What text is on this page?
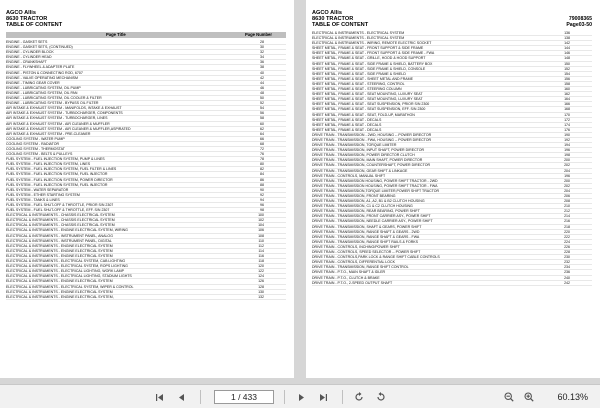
AGCO Allis
8630 TRACTOR
TABLE OF CONTENT
Page Title	Page Number
ENGINE - GASKET SETS	28
ENGINE - GASKET SETS, (CONTINUED)	30
ENGINE - CYLINDER BLOCK	32
ENGINE - CYLINDER HEAD	34
ENGINE - CRANKSHAFT	36
ENGINE - FLYWHEEL & ADAPTER PLATE	38
ENGINE - PISTON & CONNECTING ROD, 6707	40
ENGINE - VALVE OPERATING MECHANISM	42
ENGINE - TIMING GEAR COVER	44
ENGINE - LUBRICATING SYSTEM, OIL PUMP	46
ENGINE - LUBRICATING SYSTEM, OIL PAN	48
ENGINE - LUBRICATING SYSTEM, OIL COOLER & FILTER	50
ENGINE - LUBRICATING SYSTEM - BYPASS OIL FILTER	52
AIR INTAKE & EXHAUST SYSTEM - MANIFOLDS, INTAKE & EXHAUST	54
AIR INTAKE & EXHAUST SYSTEM - TURBOCHARGER, COMPONENTS	56
AIR INTAKE & EXHAUST SYSTEM - TURBOCHARGER, LINES	58
AIR INTAKE & EXHAUST SYSTEM - AIR CLEANER & MUFFLER	60
AIR INTAKE & EXHAUST SYSTEM - AIR CLEANER & MUFFLER,ASPIRATED	62
AIR INTAKE & EXHAUST SYSTEM - PRE-CLEANER	64
COOLING SYSTEM - WATER PUMP	66
COOLING SYSTEM - RADIATOR	68
COOLING SYSTEM - THERMOSTAT	72
COOLING SYSTEM - BELTS & PULLEYS	76
FUEL SYSTEM - FUEL INJECTION SYSTEM, PUMP & LINES	78
FUEL SYSTEM - FUEL INJECTION SYSTEM, LINES	80
FUEL SYSTEM - FUEL INJECTION SYSTEM, FUEL FILTER & LINES	82
FUEL SYSTEM - FUEL INJECTION SYSTEM, FUEL INJECTOR	84
FUEL SYSTEM - FUEL INJECTION SYSTEM, POWER DIRECTOR	86
FUEL SYSTEM - FUEL INJECTION SYSTEM, FUEL INJECTOR	88
FUEL SYSTEM - WATER SEPARATOR	90
FUEL SYSTEM - ETHER STARTING SYSTEM	92
FUEL SYSTEM - TANKS & LINES	94
FUEL SYSTEM - FUEL SHUT-OFF & THROTTLE, PRIOR S/N 2307	96
FUEL SYSTEM - FUEL SHUT-OFF & THROTTLE, EFF. S/N 2307	98
ELECTRICAL & INSTRUMENTS - CHASSIS ELECTRICAL SYSTEM	100
ELECTRICAL & INSTRUMENTS - CHASSIS ELECTRICAL SYSTEM	102
ELECTRICAL & INSTRUMENTS - CHASSIS ELECTRICAL SYSTEM	104
ELECTRICAL & INSTRUMENTS - ENGINE ELECTRICAL SYSTEM, WIRING	106
ELECTRICAL & INSTRUMENTS - INSTRUMENT PANEL, ANALOG	108
ELECTRICAL & INSTRUMENTS - INSTRUMENT PANEL, DIGITAL	110
ELECTRICAL & INSTRUMENTS - ENGINE ELECTRICAL SYSTEM	112
ELECTRICAL & INSTRUMENTS - ENGINE ELECTRICAL SYSTEM	114
ELECTRICAL & INSTRUMENTS - ENGINE ELECTRICAL SYSTEM	116
ELECTRICAL & INSTRUMENTS - ELECTRICAL SYSTEM, CAB LIGHTING	118
ELECTRICAL & INSTRUMENTS - ELECTRICAL SYSTEM, ROPS LIGHTING	120
ELECTRICAL & INSTRUMENTS - ELECTRICAL LIGHTING, WORK LAMP	122
ELECTRICAL & INSTRUMENTS - ELECTRICAL LIGHTING, STADIUM LIGHTS	124
ELECTRICAL & INSTRUMENTS - ENGINE ELECTRICAL SYSTEM	126
ELECTRICAL & INSTRUMENTS - ELECTRICAL SYSTEM, WIPER & CONTROL	128
ELECTRICAL & INSTRUMENTS - ENGINE ELECTRICAL SYSTEM	130
ELECTRICAL & INSTRUMENTS - ENGINE ELECTRICAL SYSTEM,	132
AGCO Allis
8630 TRACTOR
TABLE OF CONTENT
79008365
Page03-50
ELECTRICAL & INSTRUMENTS - ELECTRICAL SYSTEM	136
ELECTRICAL & INSTRUMENTS - ELECTRICAL SYSTEM	138
ELECTRICAL & INSTRUMENTS - WIRING, REMOTE ELECTRIC SOCKET	142
SHEET METAL, FRAME & SEAT - FRONT SUPPORT & SIDE FRAME	144
SHEET METAL, FRAME & SEAT - FRONT SUPPORT & SIDE FRAME - FWA	146
SHEET METAL, FRAME & SEAT - GRILLE, HOOD & HOOD SUPPORT	148
SHEET METAL, FRAME & SEAT - SIDE FRAME & SHIELD, BATTERY BOX	150
SHEET METAL, FRAME & SEAT - SIDE FRAME & SHIELD, CONSOLE	152
SHEET METAL, FRAME & SEAT - SIDE FRAME & SHIELD	154
SHEET METAL, FRAME & SEAT - SHEET METAL AND FRAME	156
SHEET METAL, FRAME & SEAT - STEERING, CONTROL	158
SHEET METAL, FRAME & SEAT - STEERING COLUMN	160
SHEET METAL, FRAME & SEAT - SEAT MOUNTING, LUXURY SEAT	162
SHEET METAL, FRAME & SEAT - SEAT MOUNTING, LUXURY SEAT	164
SHEET METAL, FRAME & SEAT - SEAT SUSPENSION, PRIOR S/N 2300	166
SHEET METAL, FRAME & SEAT - SEAT SUSPENSION, EFF. S/N 2300	168
SHEET METAL, FRAME & SEAT - SEAT, FOLD-UP, MARATHON	170
SHEET METAL, FRAME & SEAT - DECALS	172
SHEET METAL, FRAME & SEAT - DECALS	174
SHEET METAL, FRAME & SEAT - DECALS	176
DRIVE TRAIN - TRANSMISSION - 2WD, HOUSING -- POWER DIRECTOR	190
DRIVE TRAIN - TRANSMISSION - FWA, HOUSING -- POWER DIRECTOR	192
DRIVE TRAIN - TRANSMISSION, TORQUE LIMITER	194
DRIVE TRAIN - TRANSMISSION, INPUT SHAFT, POWER DIRECTOR	196
DRIVE TRAIN - TRANSMISSION, POWER DIRECTOR CLUTCH	198
DRIVE TRAIN - TRANSMISSION, MAIN SHAFT, POWER DIRECTOR	200
DRIVE TRAIN - TRANSMISSION, COUNTERSHAFT, POWER DIRECTOR	202
DRIVE TRAIN - TRANSMISSION, GEAR SHIFT & LINKAGE	204
DRIVE TRAIN - CONTROLS, MANUAL SHIFT	196
DRIVE TRAIN - TRANSMISSION HOUSING, POWER SHIFT TRACTOR - 2WD	200
DRIVE TRAIN - TRANSMISSION HOUSING, POWER SHIFT TRACTOR - FWA	202
DRIVE TRAIN - TRANSMISSION,TORQUE LIMITER,POWER SHIFT TRACTOR	204
DRIVE TRAIN - TRANSMISSION, FRONT BEARING	206
DRIVE TRAIN - TRANSMISSION, A1, A2, B1 & B2 CLUTCH HOUSING	208
DRIVE TRAIN - TRANSMISSION, C1 & C2 CLUTCH HOUSING	210
DRIVE TRAIN - TRANSMISSION, REAR BEARING, POWER SHIFT	212
DRIVE TRAIN - TRANSMISSION, FRONT CARRIER ASY., POWER SHIFT	214
DRIVE TRAIN - TRANSMISSION, NEEDLE CARRIER ASY., POWER SHIFT	216
DRIVE TRAIN - TRANSMISSION, SHAFT & GEARS, POWER SHIFT	218
DRIVE TRAIN - TRANSMISSION, RANGE SHAFT & GEARS - 2WD	220
DRIVE TRAIN - TRANSMISSION, RANGE SHAFT & GEARS - FWA	222
DRIVE TRAIN - TRANSMISSION, RANGE SHIFT RAILS & FORKS	224
DRIVE TRAIN - CONTROLS, INCHING/POWER SHIFT	226
DRIVE TRAIN - CONTROLS, SPEED SELECTOR -- POWER SHIFT	228
DRIVE TRAIN - CONTROLS,PARK LOCK & RANGE SHIFT CABLE CONTROLS	230
DRIVE TRAIN - CONTROLS, DIFFERENTIAL LOCK	232
DRIVE TRAIN - TRANSMISSION, RANGE SHIFT CONTROL	234
DRIVE TRAIN - P.T.O., MAIN SHAFT & IDLER	236
DRIVE TRAIN - P.T.O., CLUTCH & BRAKE	240
DRIVE TRAIN - P.T.O., 2-SPEED OUTPUT SHAFT	242
1 / 433	60.13%
